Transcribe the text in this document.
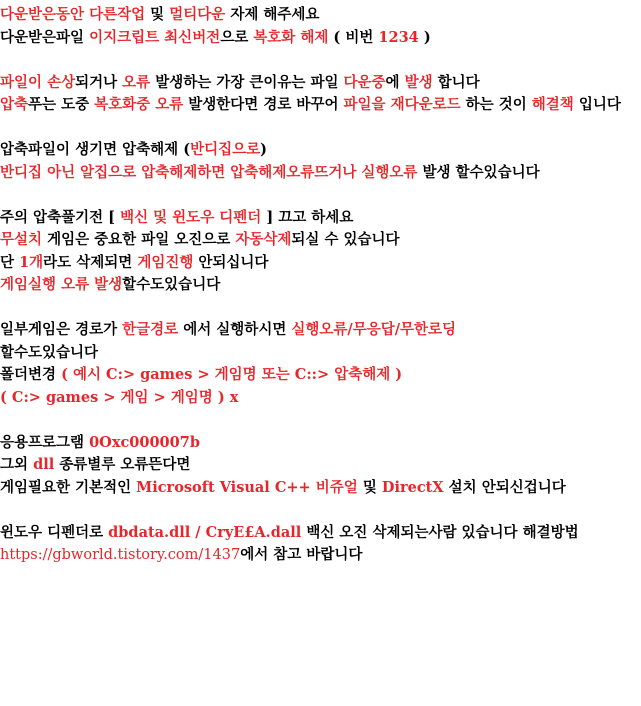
다운받은동안 다른작업 및 멀티다운 자제 해주세요
다운받은파일 이지크립트 최신버전으로 복호화 해제 ( 비번 1234 )
파일이 손상되거나 오류 발생하는 가장 큰이유는 파일 다운중에 발생 합니다
압축푸는 도중 복호화중 오류 발생한다면 경로 바꾸어 파일을 재다운로드 하는 것이 해결책 입니다
압축파일이 생기면 압축해제 (반디집으로)
반디집 아닌 알집으로 압축해제하면 압축해제오류뜨거나 실행오류 발생 할수있습니다
주의 압축풀기전 [ 백신 및 윈도우 디펜더 ] 끄고 하세요
무설치 게임은 중요한 파일 오진으로 자동삭제되실 수 있습니다
단 1개라도 삭제되면 게임진행 안되십니다
게임실행 오류 발생할수도있습니다
일부게임은 경로가 한글경로 에서 실행하시면 실행오류/무응답/무한로딩
할수도있습니다
폴더변경 ( 예시 C:> games > 게임명 또는 C::> 압축해제 )
( C:> games > 게임 > 게임명 ) x
응용프로그램 0Oxc000007b
그외 dll 종류별루 오류뜬다면
게임필요한 기본적인 Microsoft Visual C++ 비쥬얼 및 DirectX 설치 안되신겁니다
윈도우 디펜더로 dbdata.dll / CryE£A.dall 백신 오진 삭제되는사람 있습니다 해결방법
https://gbworld.tistory.com/1437에서 참고 바랍니다
